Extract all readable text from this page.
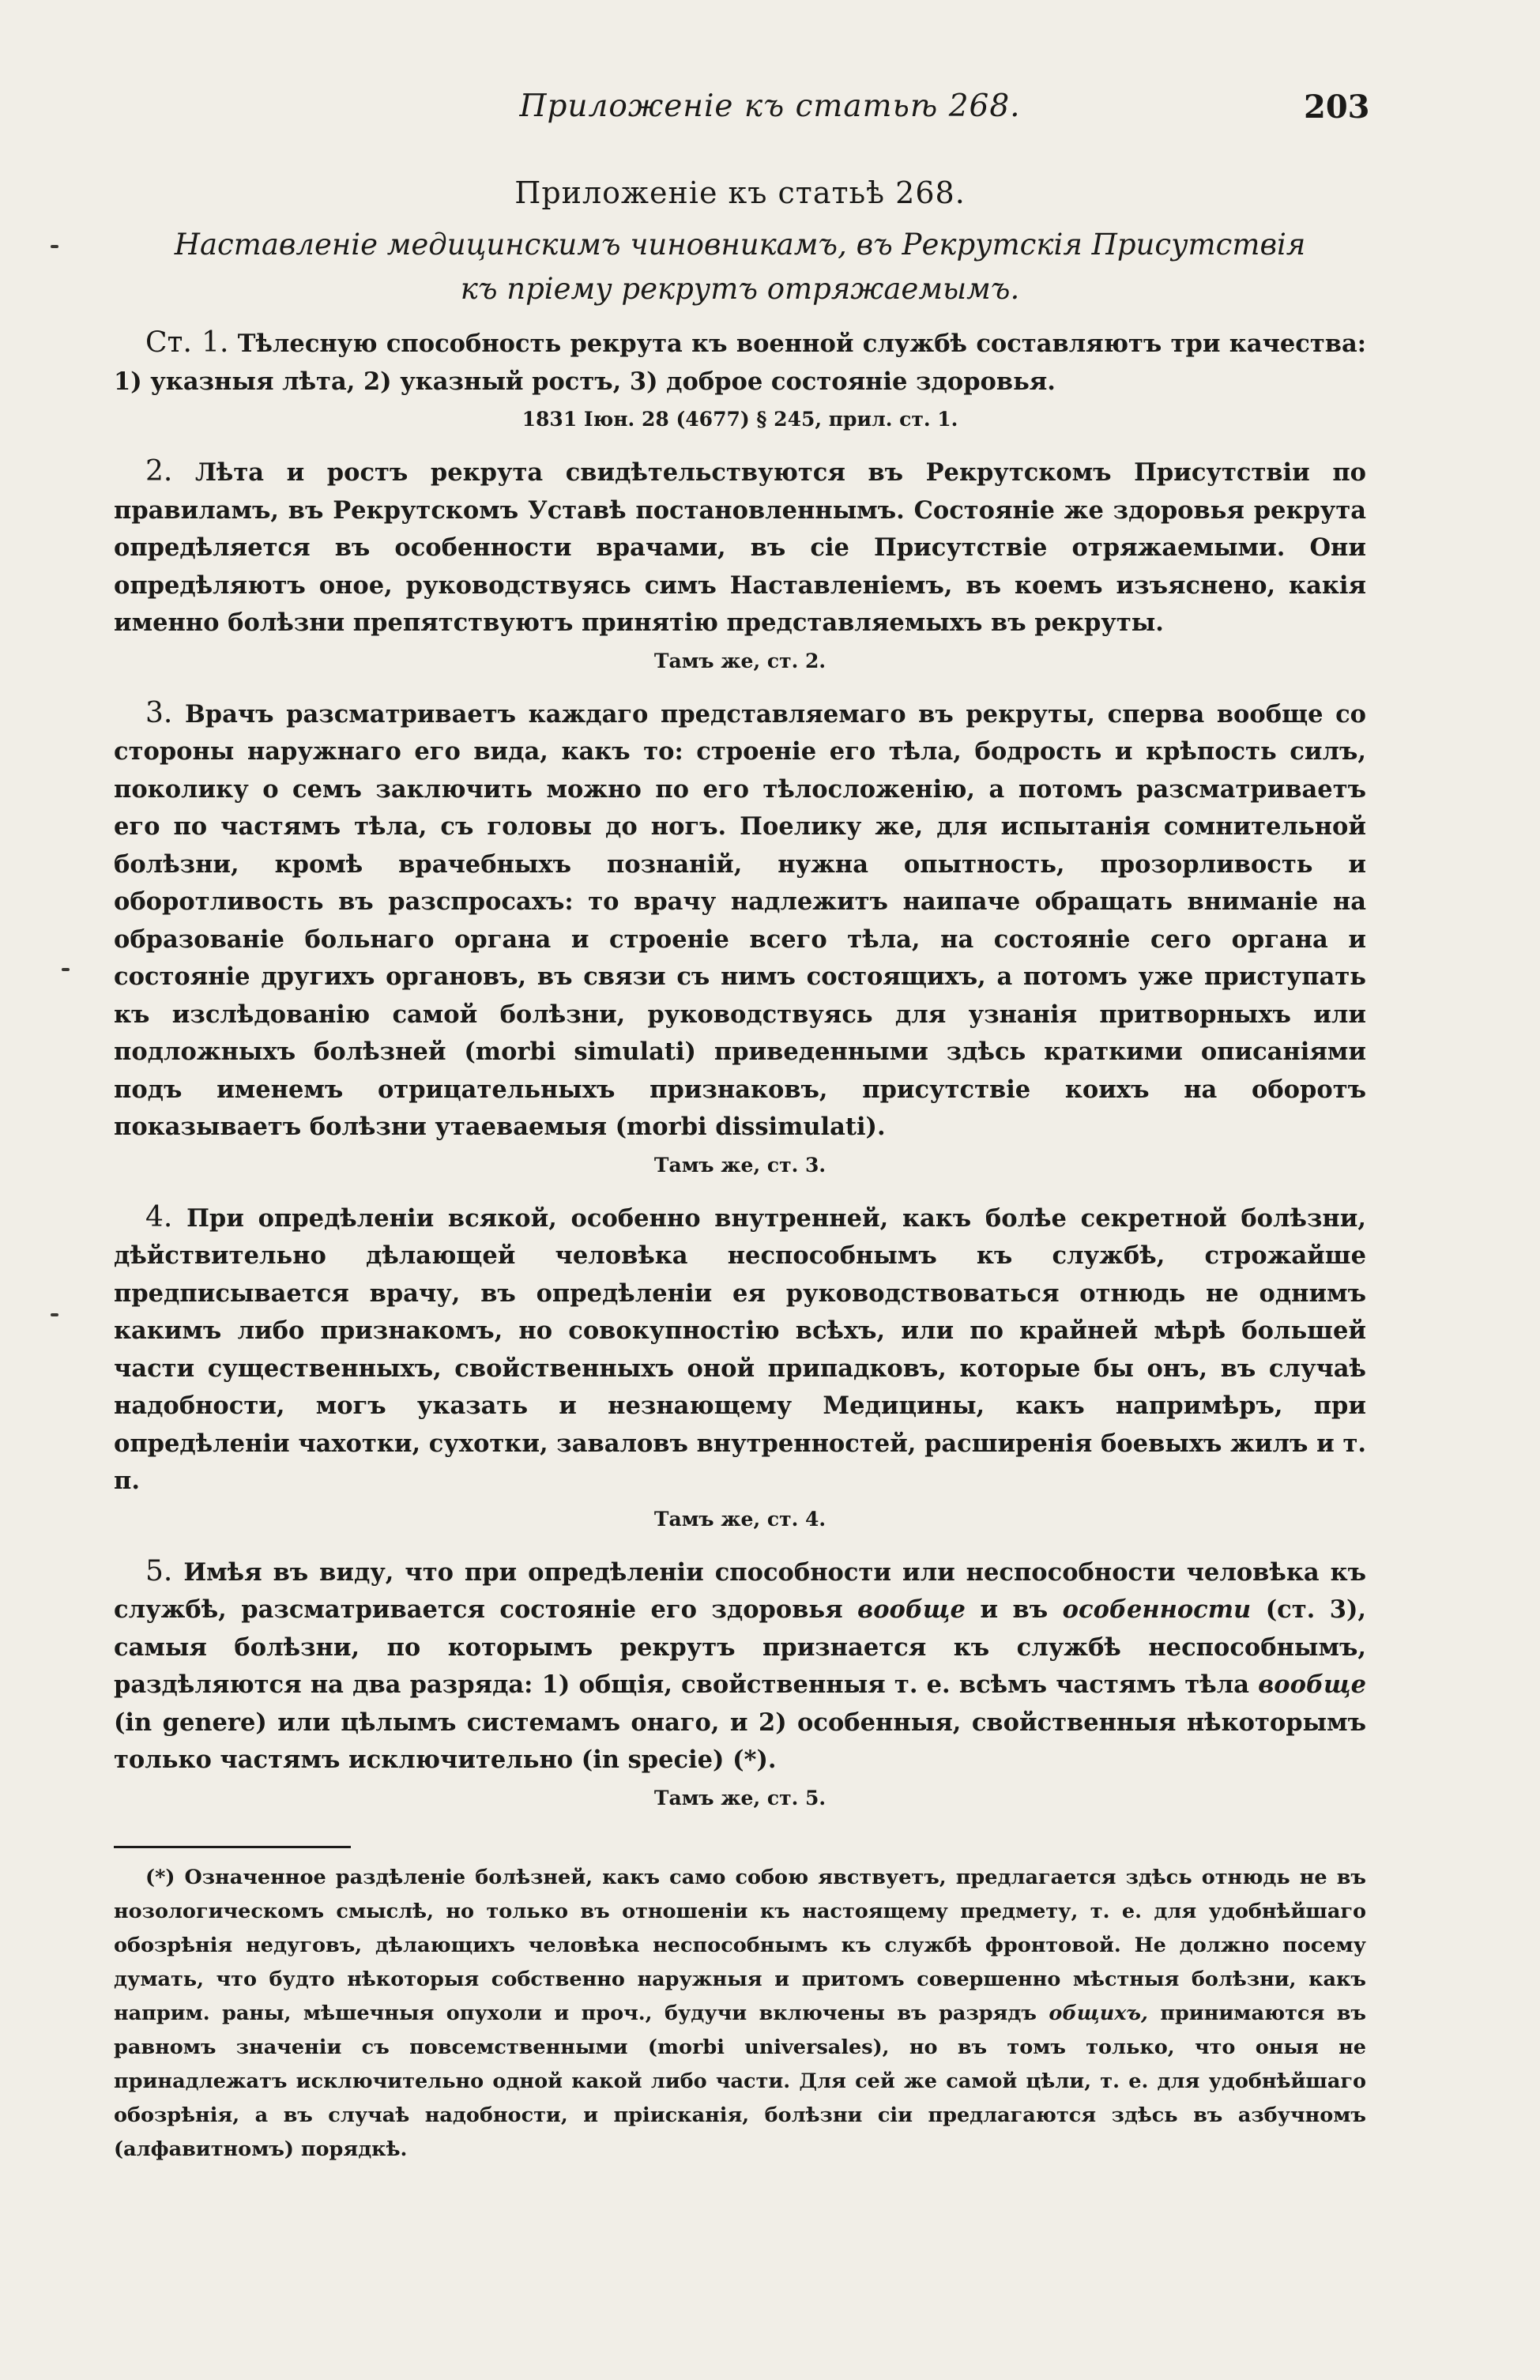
Приложеніе къ статьѣ 268.	203
Приложеніе къ статьѣ 268.
Наставленіе медицинскимъ чиновникамъ, въ Рекрутскія Присутствія
къ пріему рекрутъ отряжаемымъ.

Ст. 1. Тѣлесную способность рекрута къ военной службѣ составляютъ три качества: 1) указныя лѣта, 2) указный ростъ, 3) доброе состояніе здоровья.

1831 Іюн. 28 (4677) § 245, прил. ст. 1.

2. Лѣта и ростъ рекрута свидѣтельствуются въ Рекрутскомъ Присутствіи по правиламъ, въ Рекрутскомъ Уставѣ постановленнымъ. Состояніе же здоровья рекрута опредѣляется въ особенности врачами, въ сіе Присутствіе отряжаемыми. Они опредѣляютъ оное, руководствуясь симъ Наставленіемъ, въ коемъ изъяснено, какія именно болѣзни препятствуютъ принятію представляемыхъ въ рекруты.

Тамъ же, ст. 2.

3. Врачъ разсматриваетъ каждаго представляемаго въ рекруты, сперва вообще со стороны наружнаго его вида, какъ то: строеніе его тѣла, бодрость и крѣпость силъ, поколику о семъ заключить можно по его тѣлосложенію, а потомъ разсматриваетъ его по частямъ тѣла, съ головы до ногъ. Поелику же, для испытанія сомнительной болѣзни, кромѣ врачебныхъ познаній, нужна опытность, прозорливость и оборотливость въ разспросахъ: то врачу надлежитъ наипаче обращать вниманіе на образованіе больнаго органа и строеніе всего тѣла, на состояніе сего органа и состояніе другихъ органовъ, въ связи съ нимъ состоящихъ, а потомъ уже приступать къ изслѣдованію самой болѣзни, руководствуясь для узнанія притворныхъ или подложныхъ болѣзней (morbi simulati) приведенными здѣсь краткими описаніями подъ именемъ отрицательныхъ признаковъ, присутствіе коихъ на оборотъ показываетъ болѣзни утаеваемыя (morbi dissimulati).

Тамъ же, ст. 3.

4. При опредѣленіи всякой, особенно внутренней, какъ болѣе секретной болѣзни, дѣйствительно дѣлающей человѣка неспособнымъ къ службѣ, строжайше предписывается врачу, въ опредѣленіи ея руководствоваться отнюдь не однимъ какимъ либо признакомъ, но совокупностію всѣхъ, или по крайней мѣрѣ большей части существенныхъ, свойственныхъ оной припадковъ, которые бы онъ, въ случаѣ надобности, могъ указать и незнающему Медицины, какъ напримѣръ, при опредѣленіи чахотки, сухотки, заваловъ внутренностей, расширенія боевыхъ жилъ и т. п.

Тамъ же, ст. 4.

5. Имѣя въ виду, что при опредѣленіи способности или неспособности человѣка къ службѣ, разсматривается состояніе его здоровья вообще и въ особенности (ст. 3), самыя болѣзни, по которымъ рекрутъ признается къ службѣ неспособнымъ, раздѣляются на два разряда: 1) общія, свойственныя т. е. всѣмъ частямъ тѣла вообще (in genere) или цѣлымъ системамъ онаго, и 2) особенныя, свойственныя нѣкоторымъ только частямъ исключительно (in specie) (*).

Тамъ же, ст. 5.

(*) Означенное раздѣленіе болѣзней, какъ само собою явствуетъ, предлагается здѣсь отнюдь не въ нозологическомъ смыслѣ, но только въ отношеніи къ настоящему предмету, т. е. для удобнѣйшаго обозрѣнія недуговъ, дѣлающихъ человѣка неспособнымъ къ службѣ фронтовой. Не должно посему думать, что будто нѣкоторыя собственно наружныя и притомъ совершенно мѣстныя болѣзни, какъ наприм. раны, мѣшечныя опухоли и проч., будучи включены въ разрядъ общихъ, принимаются въ равномъ значеніи съ повсемственными (morbi universales), но въ томъ только, что оныя не принадлежатъ исключительно одной какой либо части. Для сей же самой цѣли, т. е. для удобнѣйшаго обозрѣнія, а въ случаѣ надобности, и пріисканія, болѣзни сіи предлагаются здѣсь въ азбучномъ (алфавитномъ) порядкѣ.
